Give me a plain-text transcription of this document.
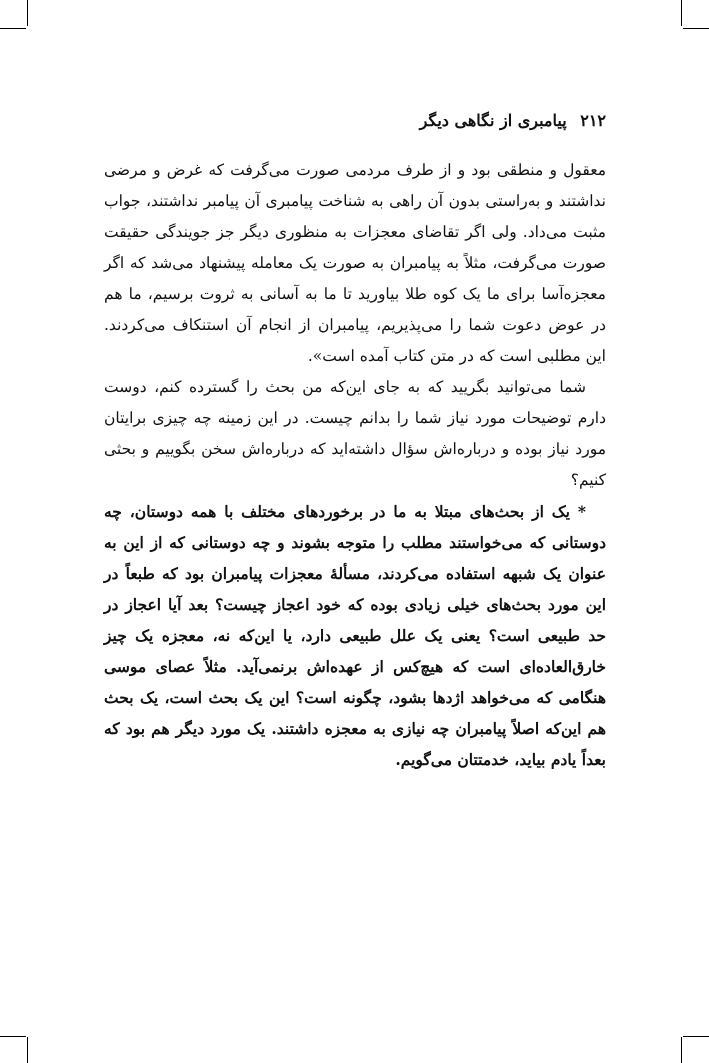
۲۱۲ پیامبری از نگاهی دیگر

معقول و منطقی بود و از طرف مردمی صورت می‌گرفت که غرض و مرضی نداشتند و به‌راستی بدون آن راهی به شناخت پیامبری آن پیامبر نداشتند، جواب مثبت می‌داد. ولی اگر تقاضای معجزات به منظوری دیگر جز جویندگی حقیقت صورت می‌گرفت، مثلاً به پیامبران به صورت یک معامله پیشنهاد می‌شد که اگر معجزه‌آسا برای ما یک کوه طلا بیاورید تا ما به آسانی به ثروت برسیم، ما هم در عوض دعوت شما را می‌پذیریم، پیامبران از انجام آن استنکاف می‌کردند. این مطلبی است که در متن کتاب آمده است».

شما می‌توانید بگریید که به جای این‌که من بحث را گسترده کنم، دوست دارم توضیحات مورد نیاز شما را بدانم چیست. در این زمینه چه چیزی برایتان مورد نیاز بوده و درباره‌اش سؤال داشته‌اید که درباره‌اش سخن بگوییم و بحثی کنیم؟

* یک از بحث‌های مبتلا به ما در برخوردهای مختلف با همه دوستان، چه دوستانی که می‌خواستند مطلب را متوجه بشوند و چه دوستانی که از این به عنوان یک شبهه استفاده می‌کردند، مسألهٔ معجزات پیامبران بود که طبعاً در این مورد بحث‌های خیلی زیادی بوده که خود اعجاز چیست؟ بعد آیا اعجاز در حد طبیعی است؟ یعنی یک علل طبیعی دارد، یا این‌که نه، معجزه یک چیز خارق‌العاده‌ای است که هیچ‌کس از عهده‌اش برنمی‌آید. مثلاً عصای موسی هنگامی که می‌خواهد اژدها بشود، چگونه است؟ این یک بحث است، یک بحث هم این‌که اصلاً پیامبران چه نیازی به معجزه داشتند. یک مورد دیگر هم بود که بعداً یادم بیاید، خدمتتان می‌گویم.
